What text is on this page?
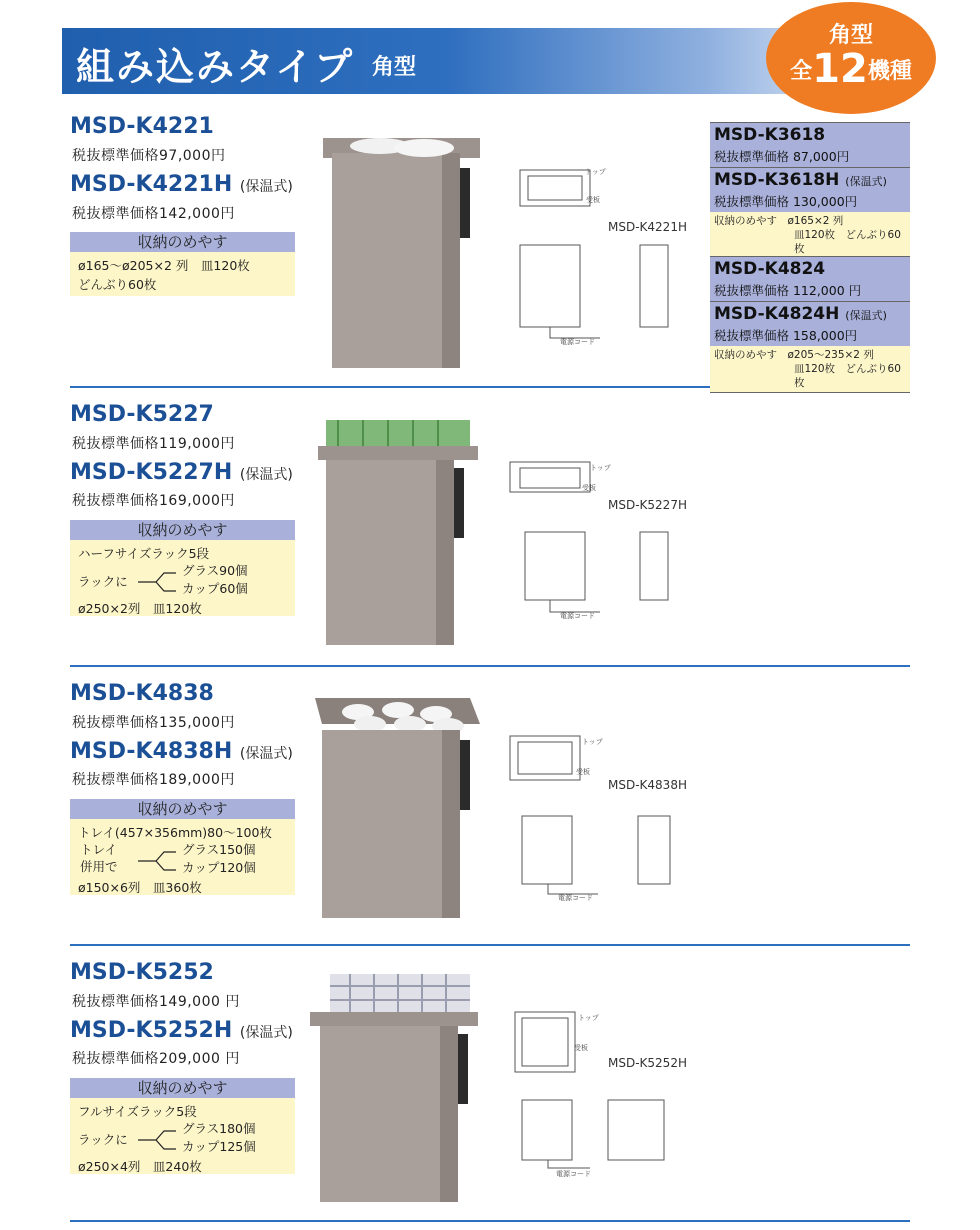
組み込みタイプ 角型
角型
全12機種
MSD-K4221
税抜標準価格97,000円
MSD-K4221H (保温式)
税抜標準価格142,000円
収納のめやす
ø165～ø205×2 列　皿120枚
どんぶり60枚
MSD-K5227
税抜標準価格119,000円
MSD-K5227H (保温式)
税抜標準価格169,000円
収納のめやす
ハーフサイズラック5段
ラックに
グラス90個
カップ60個
ø250×2列　皿120枚
MSD-K4838
税抜標準価格135,000円
MSD-K4838H (保温式)
税抜標準価格189,000円
収納のめやす
トレイ(457×356mm)80～100枚
トレイ
併用で
グラス150個
カップ120個
ø150×6列　皿360枚
MSD-K5252
税抜標準価格149,000 円
MSD-K5252H (保温式)
税抜標準価格209,000 円
収納のめやす
フルサイズラック5段
ラックに
グラス180個
カップ125個
ø250×4列　皿240枚
MSD-K3618
税抜標準価格 87,000円
MSD-K3618H (保温式)
税抜標準価格 130,000円
収納のめやす　ø165×2 列
皿120枚　どんぶり60枚
MSD-K4824
税抜標準価格 112,000 円
MSD-K4824H (保温式)
税抜標準価格 158,000円
収納のめやす　ø205～235×2 列
皿120枚　どんぶり60枚
トップ
受板
電源コード
MSD-K4221H
トップ
受板
電源コード
MSD-K5227H
トップ
受板
電源コード
MSD-K4838H
トップ
受板
電源コード
MSD-K5252H
